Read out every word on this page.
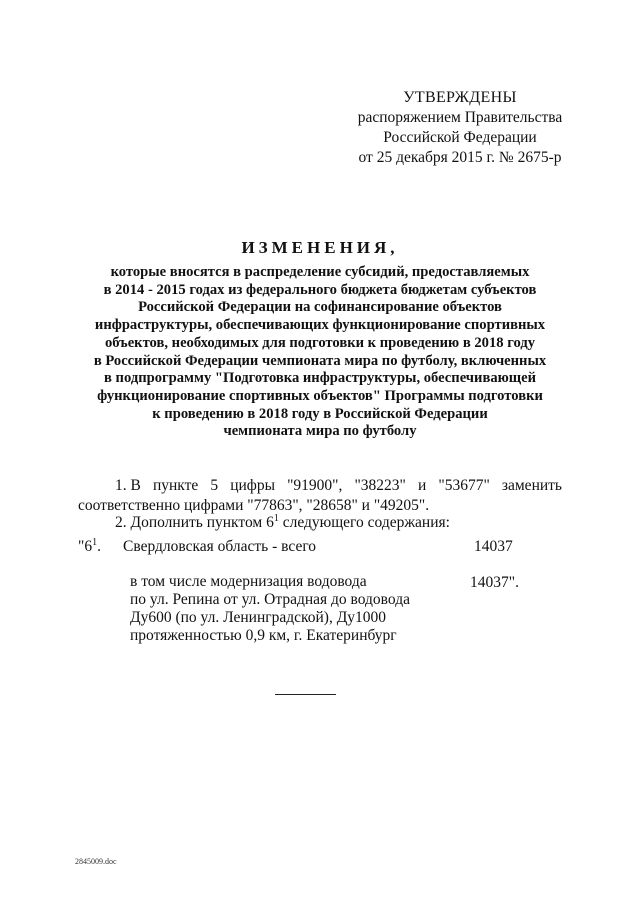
УТВЕРЖДЕНЫ
распоряжением Правительства
Российской Федерации
от 25 декабря 2015 г. № 2675-р
ИЗМЕНЕНИЯ,
которые вносятся в распределение субсидий, предоставляемых
в 2014 - 2015 годах из федерального бюджета бюджетам субъектов
Российской Федерации на софинансирование объектов
инфраструктуры, обеспечивающих функционирование спортивных
объектов, необходимых для подготовки к проведению в 2018 году
в Российской Федерации чемпионата мира по футболу, включенных
в подпрограмму "Подготовка инфраструктуры, обеспечивающей
функционирование спортивных объектов" Программы подготовки
к проведению в 2018 году в Российской Федерации
чемпионата мира по футболу
1. В пункте 5 цифры "91900", "38223" и "53677" заменить
соответственно цифрами "77863", "28658" и "49205".
2. Дополнить пунктом $6^1$ следующего содержания:
"$6^1$. Свердловская область - всего	14037
в том числе модернизация водовода
по ул. Репина от ул. Отрадная до водовода
Ду600 (по ул. Ленинградской), Ду1000
протяженностью 0,9 км, г. Екатеринбург
14037".
2845009.doc
